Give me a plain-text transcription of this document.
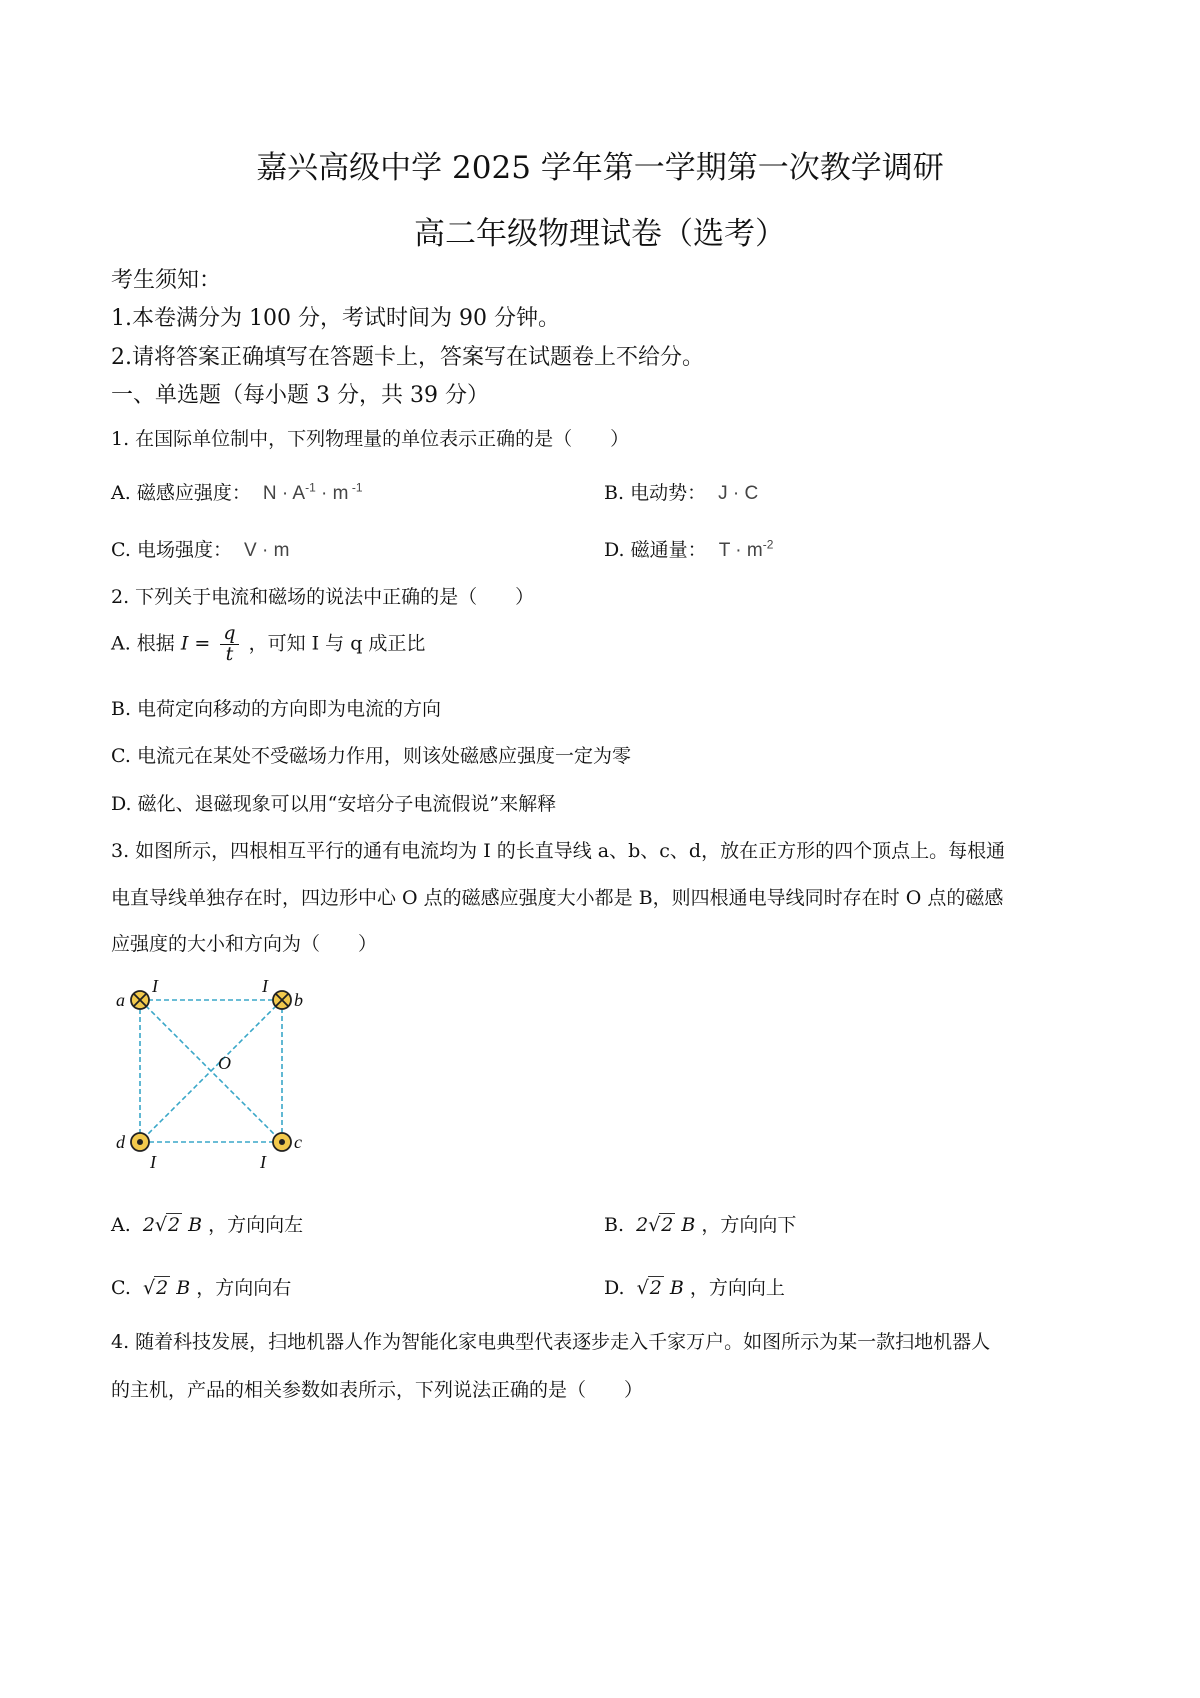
嘉兴高级中学 2025 学年第一学期第一次教学调研
高二年级物理试卷（选考）
考生须知：
1.本卷满分为 100 分，考试时间为 90 分钟。
2.请将答案正确填写在答题卡上，答案写在试题卷上不给分。
一、单选题（每小题 3 分，共 39 分）
1. 在国际单位制中，下列物理量的单位表示正确的是（　　）
A. 磁感应强度： $N \cdot A^{-1} \cdot m$ $^{-1}$	B. 电动势： J · C
C. 电场强度： V · m	D. 磁通量： $T \cdot m^{-2}$
2. 下列关于电流和磁场的说法中正确的是（　　）
A. 根据 $I = \frac{q}{t}$ ，可知 I 与 q 成正比
B. 电荷定向移动的方向即为电流的方向
C. 电流元在某处不受磁场力作用，则该处磁感应强度一定为零
D. 磁化、退磁现象可以用“安培分子电流假说”来解释
3. 如图所示，四根相互平行的通有电流均为 I 的长直导线 a、b、c、d，放在正方形的四个顶点上。每根通
电直导线单独存在时，四边形中心 O 点的磁感应强度大小都是 B，则四根通电导线同时存在时 O 点的磁感
应强度的大小和方向为（　　）
a	b
c
d
O
I	I
I	I
A. 2√2 B ，方向向左	B. 2√2 B ，方向向下
C. √2 B ，方向向右	D. √2 B ，方向向上
4. 随着科技发展，扫地机器人作为智能化家电典型代表逐步走入千家万户。如图所示为某一款扫地机器人
的主机，产品的相关参数如表所示，下列说法正确的是（　　）
